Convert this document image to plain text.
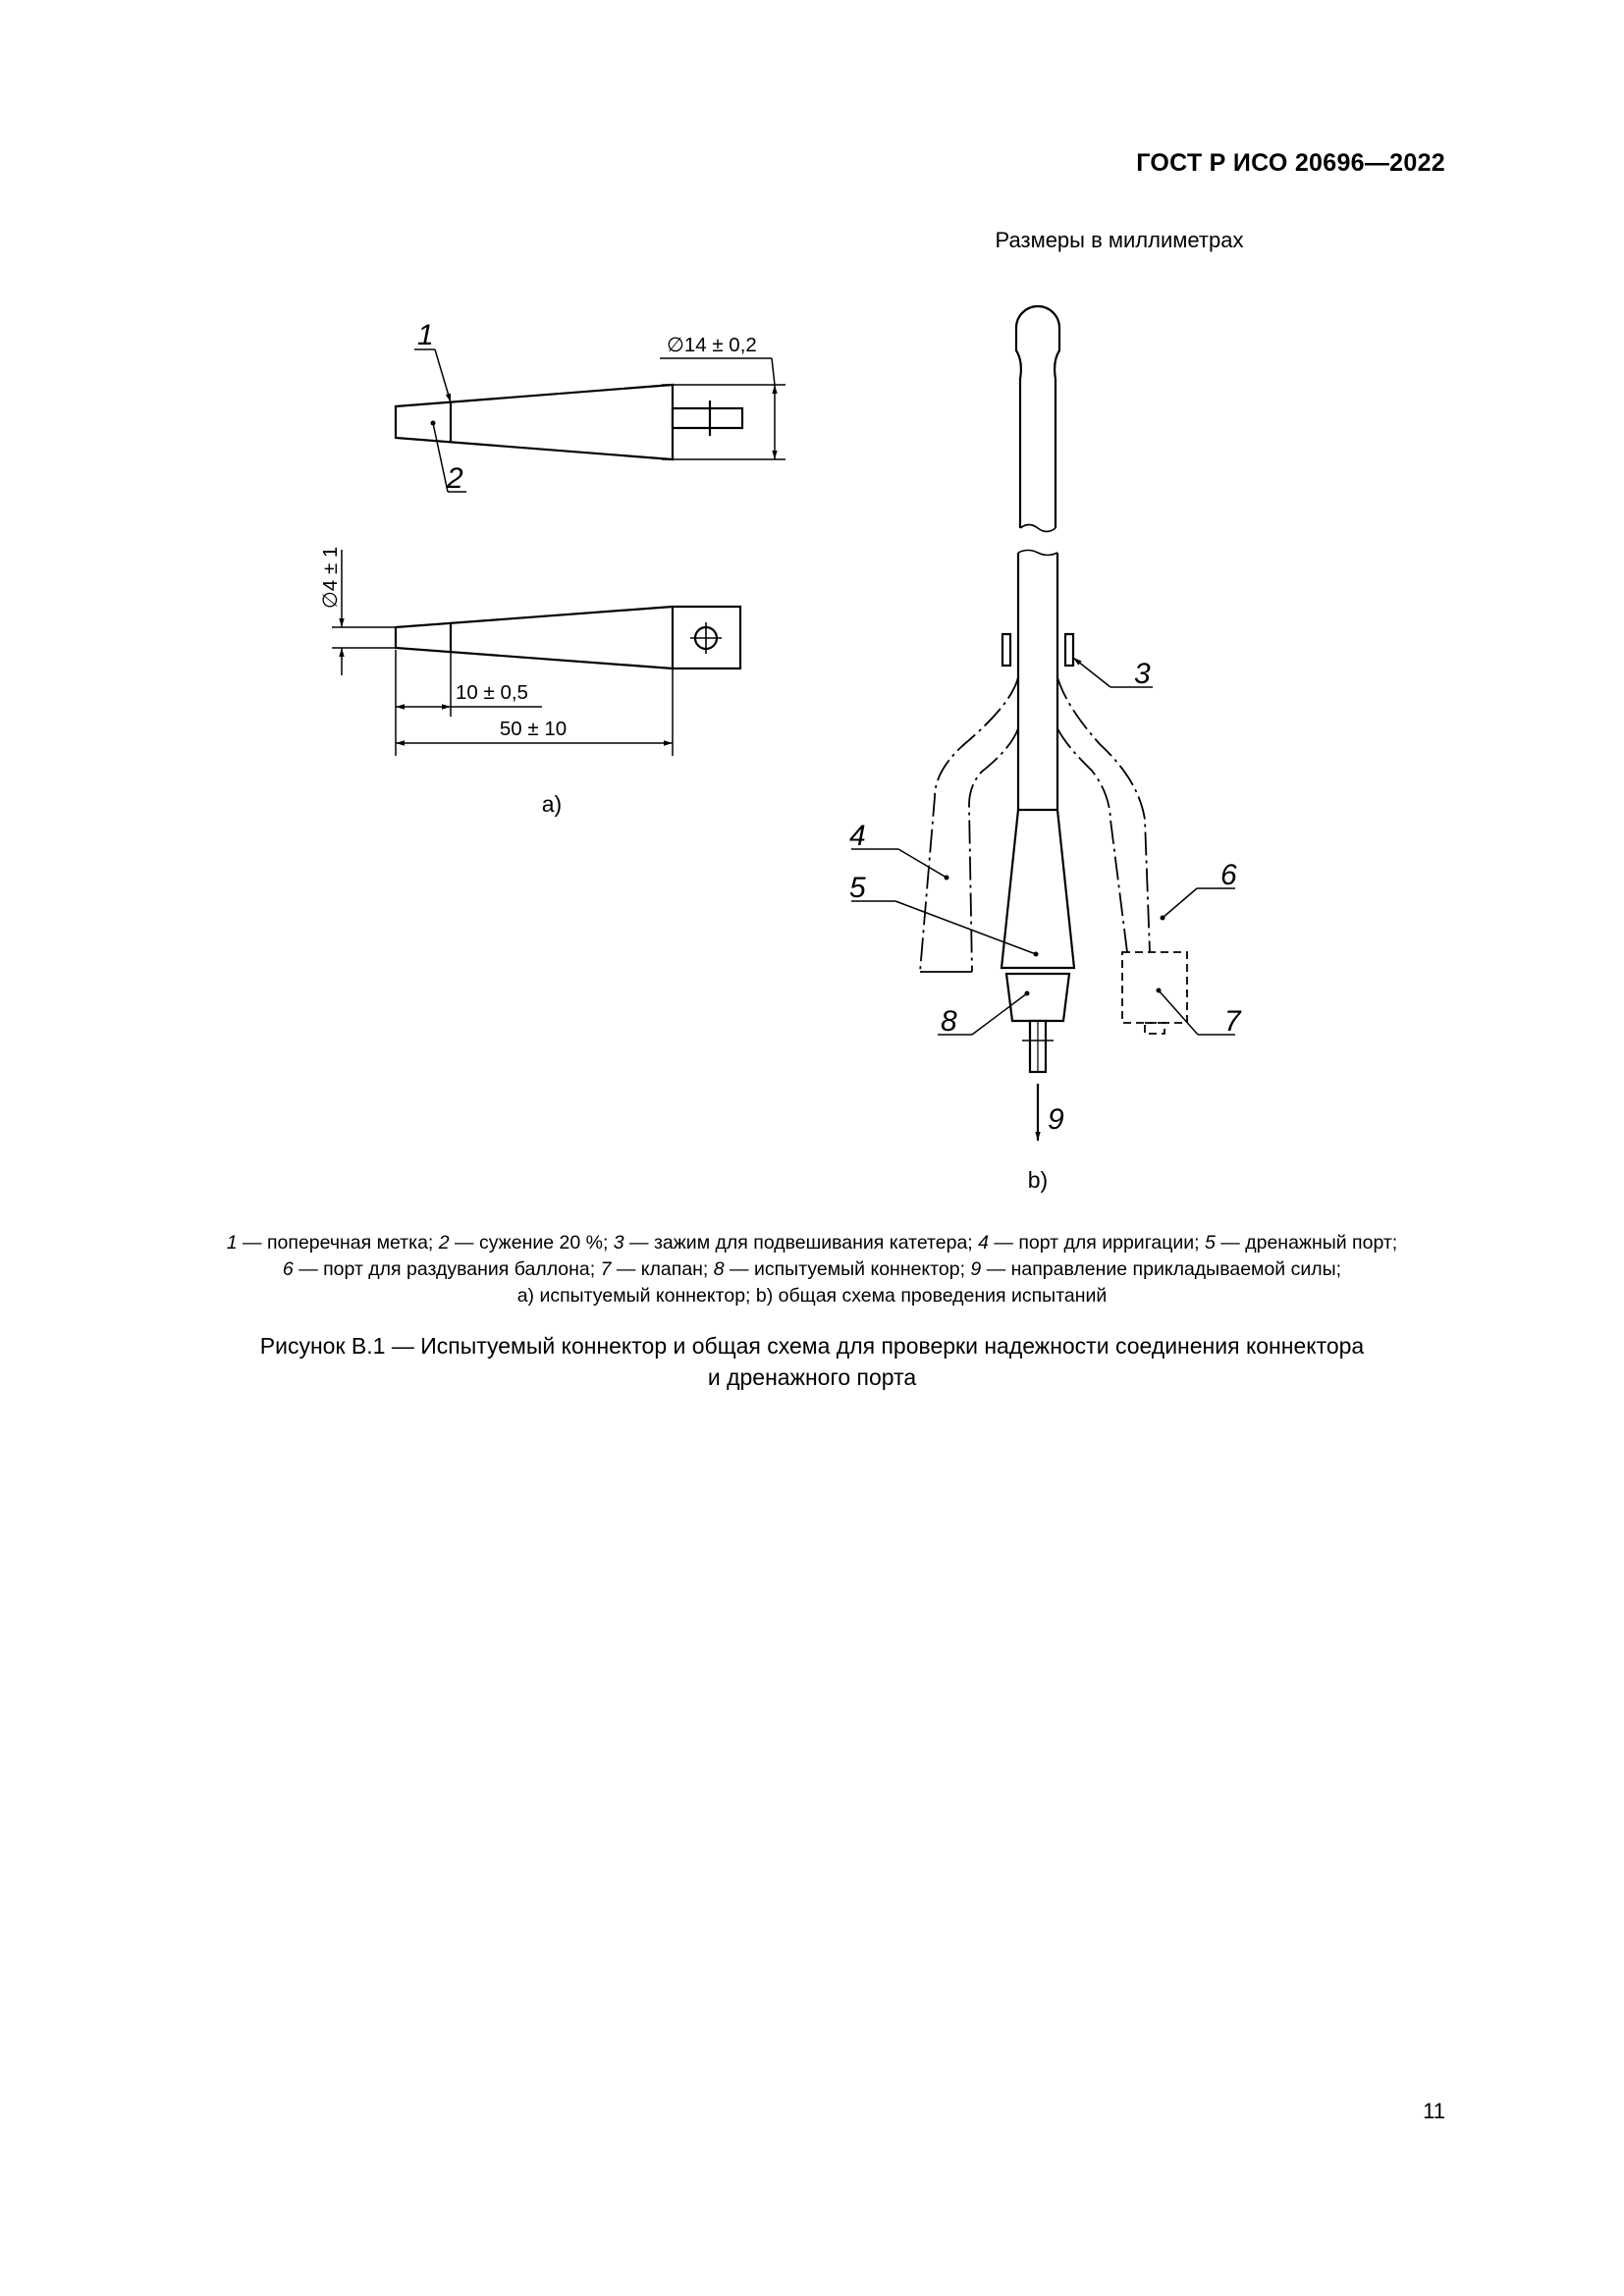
ГОСТ Р ИСО 20696—2022
Размеры в миллиметрах
1
2
∅14 ± 0,2
∅4 ± 1
10 ± 0,5
50 ± 10
a)
3
4
5	6
7
8
9
b)
1 — поперечная метка; 2 — сужение 20 %; 3 — зажим для подвешивания катетера; 4 — порт для ирригации; 5 — дренажный порт;
6 — порт для раздувания баллона; 7 — клапан; 8 — испытуемый коннектор; 9 — направление прикладываемой силы;
а) испытуемый коннектор; b) общая схема проведения испытаний
Рисунок В.1 — Испытуемый коннектор и общая схема для проверки надежности соединения коннектора
и дренажного порта
11
